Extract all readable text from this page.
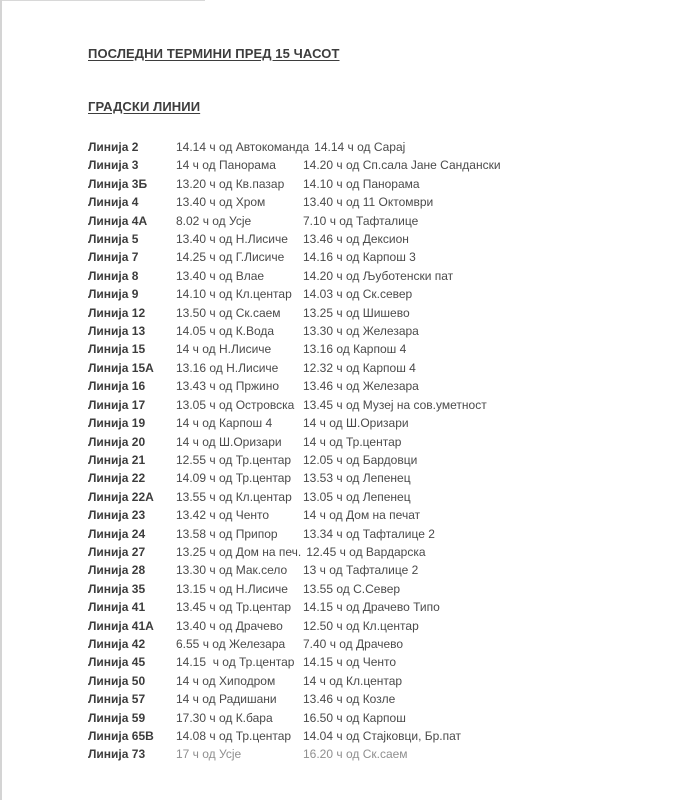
ПОСЛЕДНИ ТЕРМИНИ ПРЕД 15 ЧАСОТ
ГРАДСКИ ЛИНИИ
Линија 2	14.14 ч од Автокоманда 14.14 ч од Сарај
Линија 3	14 ч од Панорама	14.20 ч од Сп.сала Јане Сандански
Линија 3Б	13.20 ч од Кв.пазар	14.10 ч од Панорама
Линија 4	13.40 ч од Хром	13.40 ч од 11 Октомври
Линија 4А	8.02 ч од Усје	7.10 ч од Тафталице
Линија 5	13.40 ч од Н.Лисиче	13.46 ч од Дексион
Линија 7	14.25 ч од Г.Лисиче	14.16 ч од Карпош 3
Линија 8	13.40 ч од Влае	14.20 ч од Љуботенски пат
Линија 9	14.10 ч од Кл.центар 14.03 ч од Ск.север
Линија 12	13.50 ч од Ск.саем	13.25 ч од Шишево
Линија 13	14.05 ч од К.Вода	13.30 ч од Железара
Линија 15	14 ч од Н.Лисиче	13.16 од Карпош 4
Линија 15А	13.16 од Н.Лисиче	12.32 ч од Карпош 4
Линија 16	13.43 ч од Пржино	13.46 ч од Железара
Линија 17	13.05 ч од Островска 13.45 ч од Музеј на сов.уметност
Линија 19	14 ч од Карпош 4	14 ч од Ш.Оризари
Линија 20	14 ч од Ш.Оризари	14 ч од Тр.центар
Линија 21	12.55 ч од Тр.центар 12.05 ч од Бардовци
Линија 22	14.09 ч од Тр.центар 13.53 ч од Лепенец
Линија 22А	13.55 ч од Кл.центар 13.05 ч од Лепенец
Линија 23	13.42 ч од Ченто	14 ч од Дом на печат
Линија 24	13.58 ч од Припор	13.34 ч од Тафталице 2
Линија 27	13.25 ч од Дом на печ. 12.45 ч од Вардарска
Линија 28	13.30 ч од Мак.село	13 ч од Тафталице 2
Линија 35	13.15 ч од Н.Лисиче	13.55 од С.Север
Линија 41	13.45 ч од Тр.центар 14.15 ч од Драчево Типо
Линија 41А	13.40 ч од Драчево	12.50 ч од Кл.центар
Линија 42	6.55 ч од Железара	7.40 ч од Драчево
Линија 45	14.15  ч од Тр.центар 14.15 ч од Ченто
Линија 50	14 ч од Хиподром	14 ч од Кл.центар
Линија 57	14 ч од Радишани	13.46 ч од Козле
Линија 59	17.30 ч од К.бара	16.50 ч од Карпош
Линија 65В	14.08 ч од Тр.центар 14.04 ч од Стајковци, Бр.пат
Линија 73	17 ч од Усје	16.20 ч од Ск.саем
